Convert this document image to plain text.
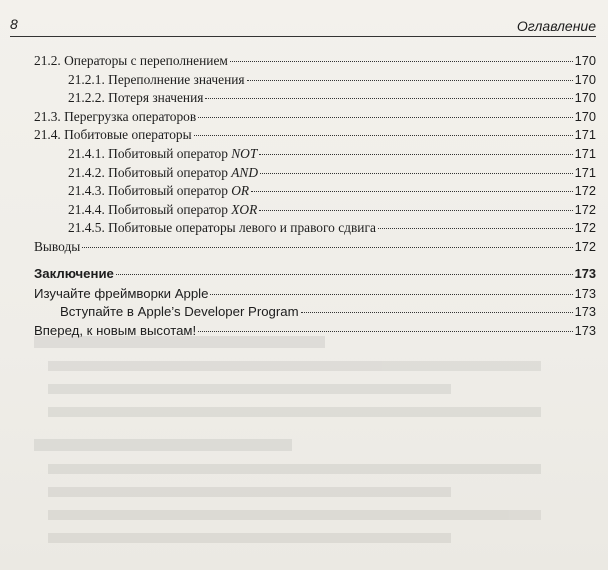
8	Оглавление
21.2. Операторы с переполнением	170
21.2.1. Переполнение значения	170
21.2.2. Потеря значения	170
21.3. Перегрузка операторов	170
21.4. Побитовые операторы	171
21.4.1. Побитовый оператор NOT	171
21.4.2. Побитовый оператор AND	171
21.4.3. Побитовый оператор OR	172
21.4.4. Побитовый оператор XOR	172
21.4.5. Побитовые операторы левого и правого сдвига	172
Выводы	172
Заключение	173
Изучайте фреймворки Apple	173
Вступайте в Apple’s Developer Program	173
Вперед, к новым высотам!	173
